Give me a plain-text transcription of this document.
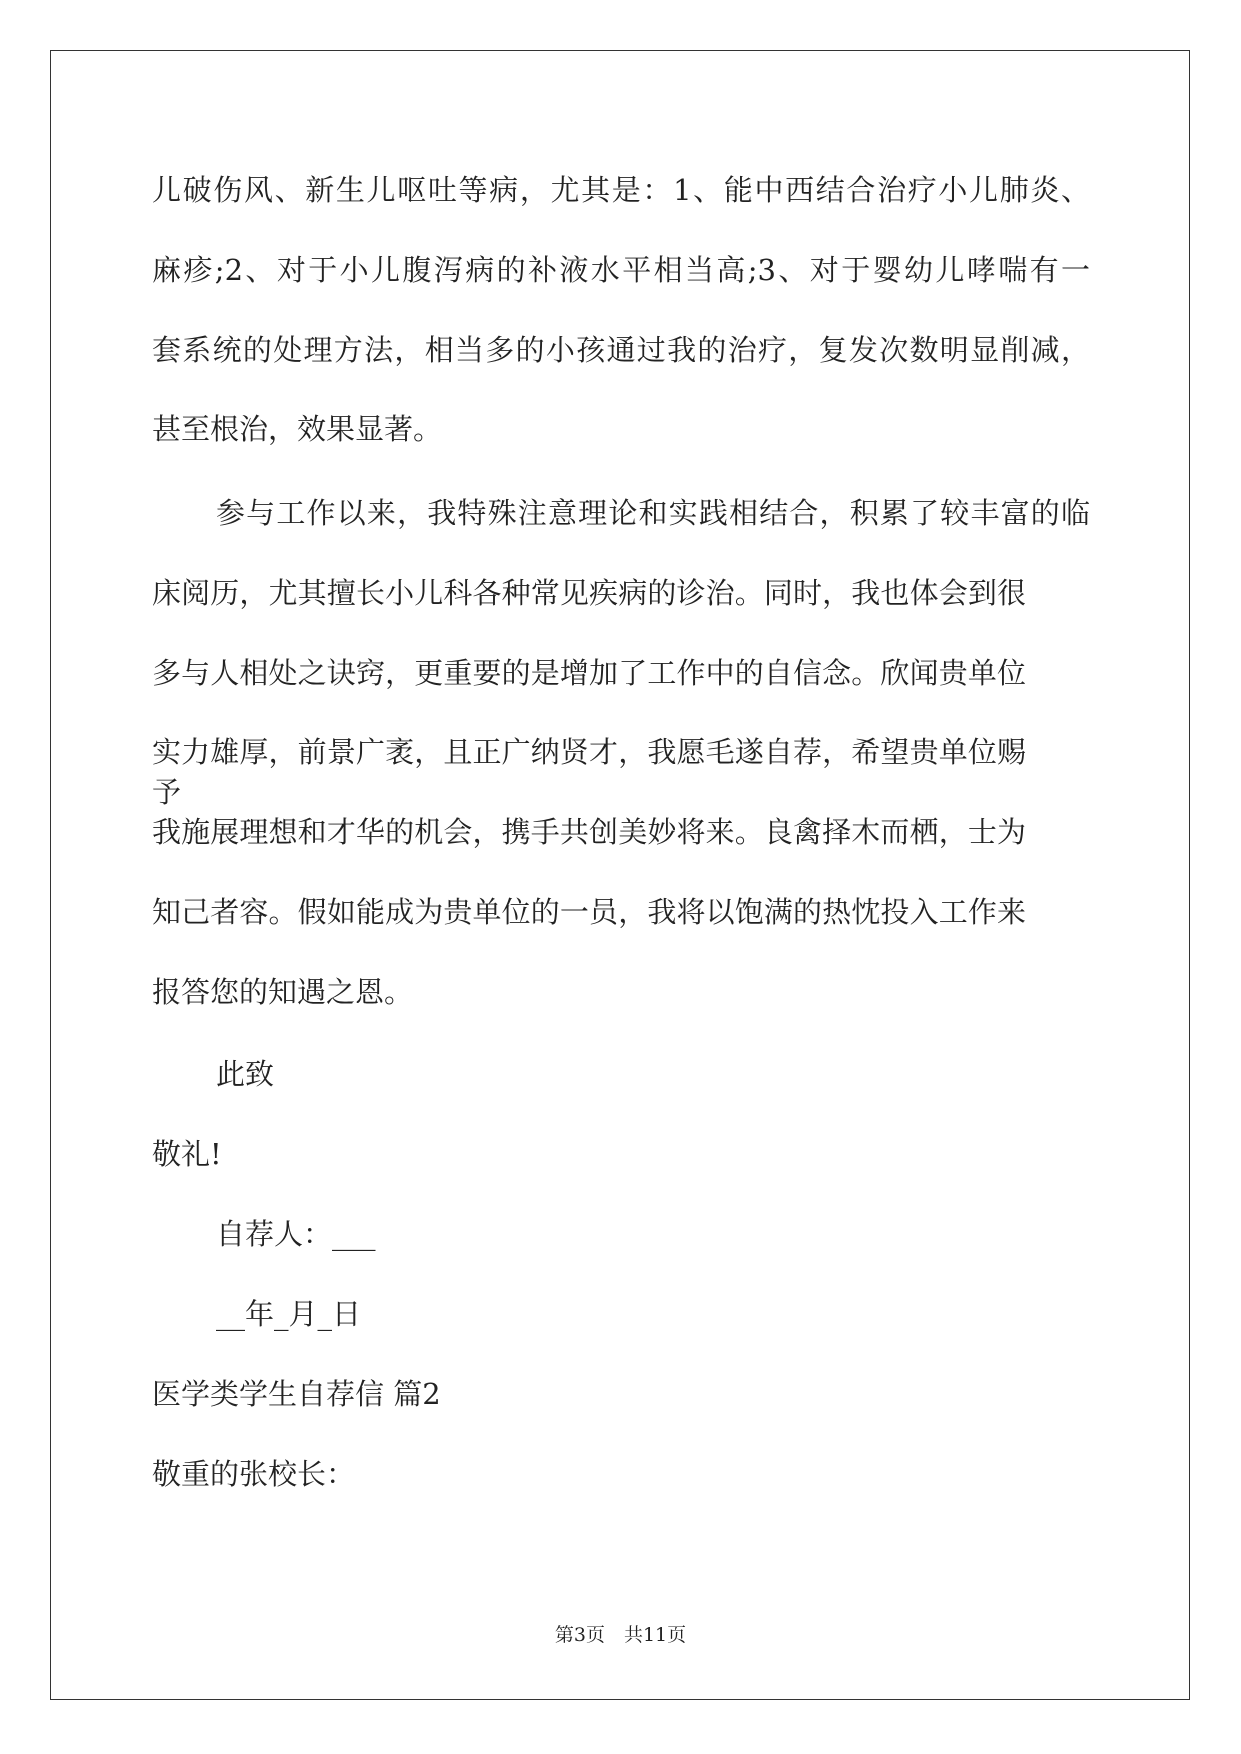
儿破伤风、新生儿呕吐等病，尤其是：1、能中西结合治疗小儿肺炎、
麻疹;2、对于小儿腹泻病的补液水平相当高;3、对于婴幼儿哮喘有一
套系统的处理方法，相当多的小孩通过我的治疗，复发次数明显削减，
甚至根治，效果显著。
参与工作以来，我特殊注意理论和实践相结合，积累了较丰富的临
床阅历，尤其擅长小儿科各种常见疾病的诊治。同时，我也体会到很
多与人相处之诀窍，更重要的是增加了工作中的自信念。欣闻贵单位
实力雄厚，前景广袤，且正广纳贤才，我愿毛遂自荐，希望贵单位赐予
我施展理想和才华的机会，携手共创美妙将来。良禽择木而栖，士为
知己者容。假如能成为贵单位的一员，我将以饱满的热忱投入工作来
报答您的知遇之恩。
此致
敬礼!
自荐人：___
__年_月_日
医学类学生自荐信 篇2
敬重的张校长：
第3页　共11页
